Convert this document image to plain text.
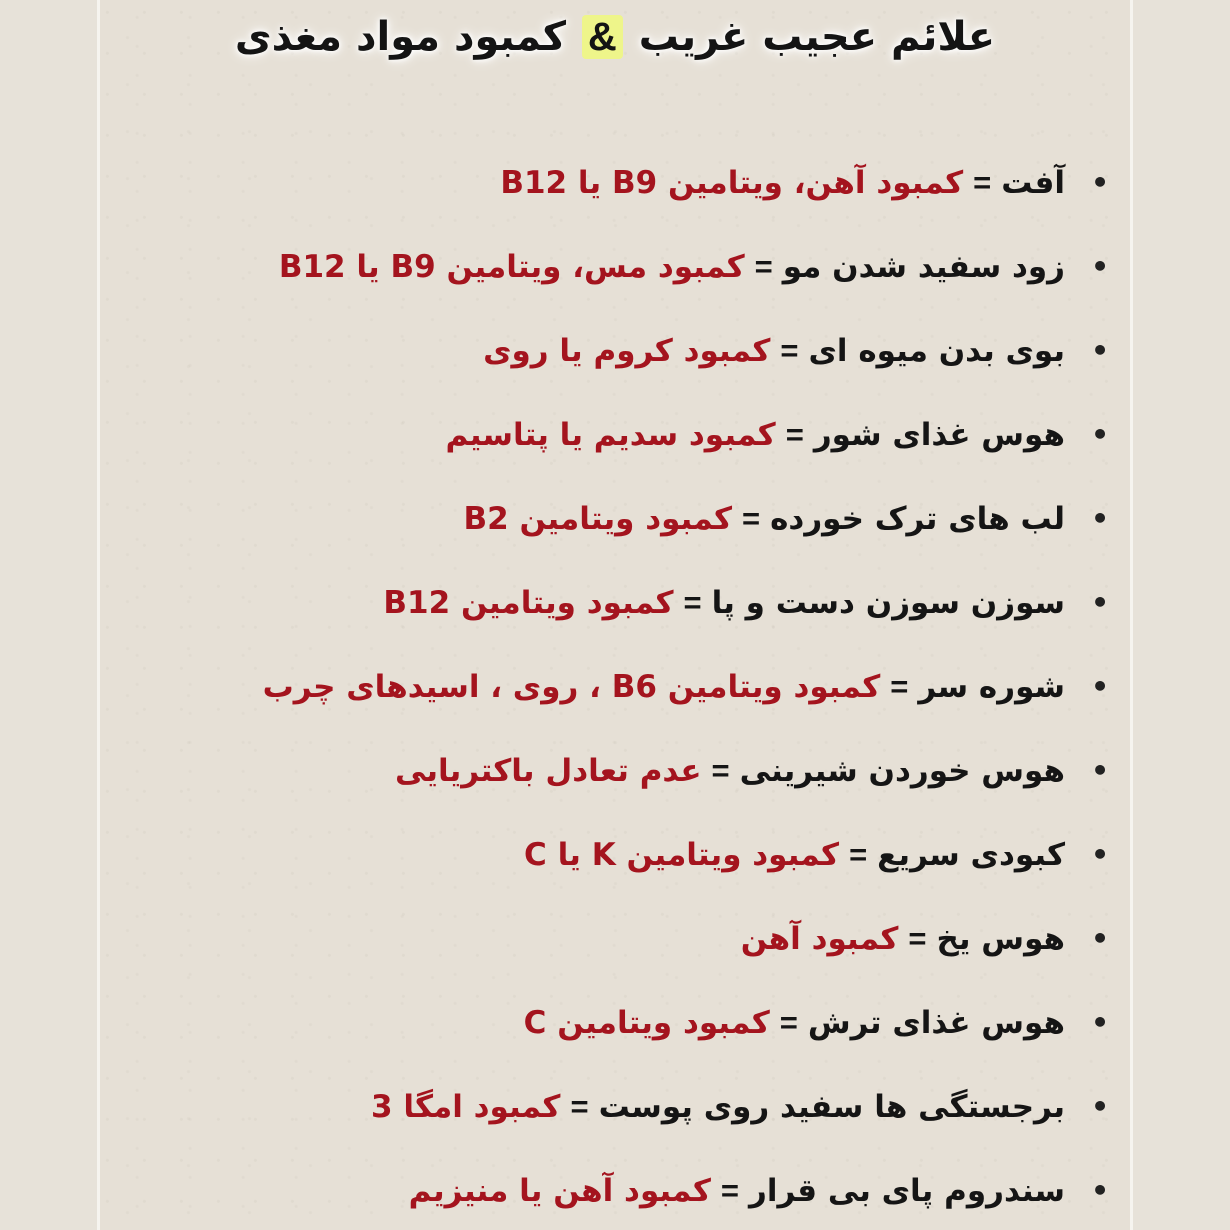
علائم عجیب غریب & کمبود مواد مغذی
•
آفت=کمبود آهن، ویتامین B9 یا B12
•
زود سفید شدن مو=کمبود مس، ویتامین B9 یا B12
•
بوی بدن میوه ای=کمبود کروم یا روی
•
هوس غذای شور=کمبود سدیم یا پتاسیم
•
لب های ترک خورده=کمبود ویتامین B2
•
سوزن سوزن دست و پا=کمبود ویتامین B12
•
شوره سر=کمبود ویتامین B6 ، روی ، اسیدهای چرب
•
هوس خوردن شیرینی=عدم تعادل باکتریایی
•
کبودی سریع=کمبود ویتامین K یا C
•
هوس یخ=کمبود آهن
•
هوس غذای ترش=کمبود ویتامین C
•
برجستگی ها سفید روی پوست=کمبود امگا 3
•
سندروم پای بی قرار=کمبود آهن یا منیزیم
